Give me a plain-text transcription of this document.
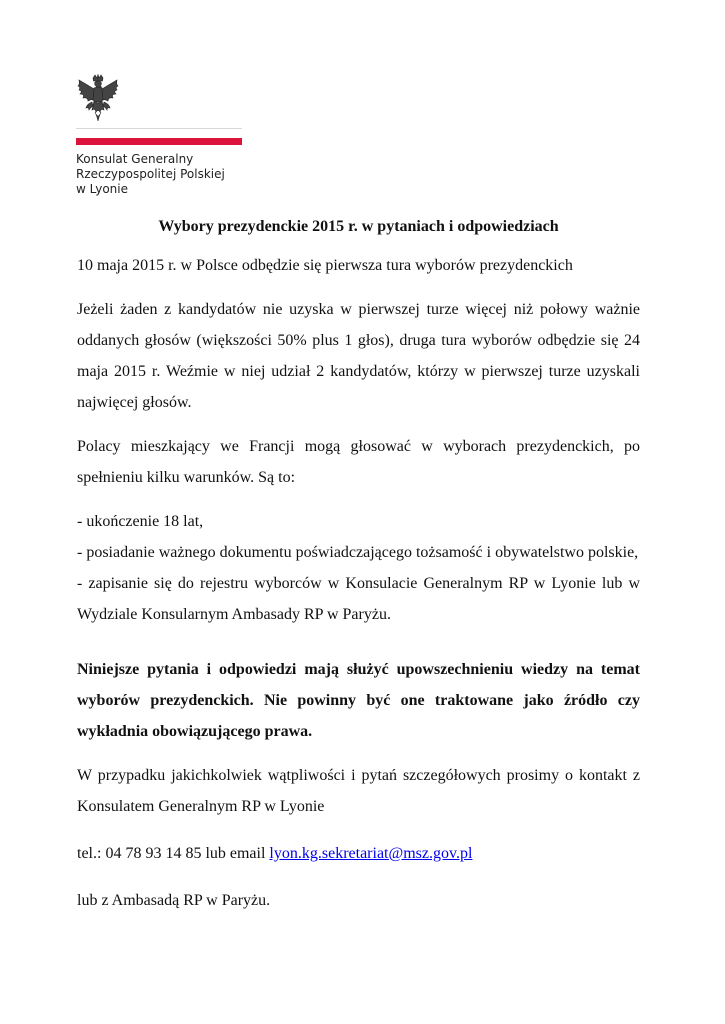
Konsulat Generalny
Rzeczypospolitej Polskiej
w Lyonie
Wybory prezydenckie 2015 r. w pytaniach i odpowiedziach
10 maja 2015 r. w Polsce odbędzie się pierwsza tura wyborów prezydenckich
Jeżeli żaden z kandydatów nie uzyska w pierwszej turze więcej niż połowy ważnie oddanych głosów (większości 50% plus 1 głos), druga tura wyborów odbędzie się 24 maja 2015 r. Weźmie w niej udział 2 kandydatów, którzy w pierwszej turze uzyskali najwięcej głosów.
Polacy mieszkający we Francji mogą głosować w wyborach prezydenckich, po spełnieniu kilku warunków. Są to:
- ukończenie 18 lat,
- posiadanie ważnego dokumentu poświadczającego tożsamość i obywatelstwo polskie,
- zapisanie się do rejestru wyborców w Konsulacie Generalnym RP w Lyonie lub w Wydziale Konsularnym Ambasady RP w Paryżu.
Niniejsze pytania i odpowiedzi mają służyć upowszechnieniu wiedzy na temat wyborów prezydenckich. Nie powinny być one traktowane jako źródło czy wykładnia obowiązującego prawa.
W przypadku jakichkolwiek wątpliwości i pytań szczegółowych prosimy o kontakt z Konsulatem Generalnym RP w Lyonie
tel.: 04 78 93 14 85 lub email lyon.kg.sekretariat@msz.gov.pl
lub z Ambasadą RP w Paryżu.
